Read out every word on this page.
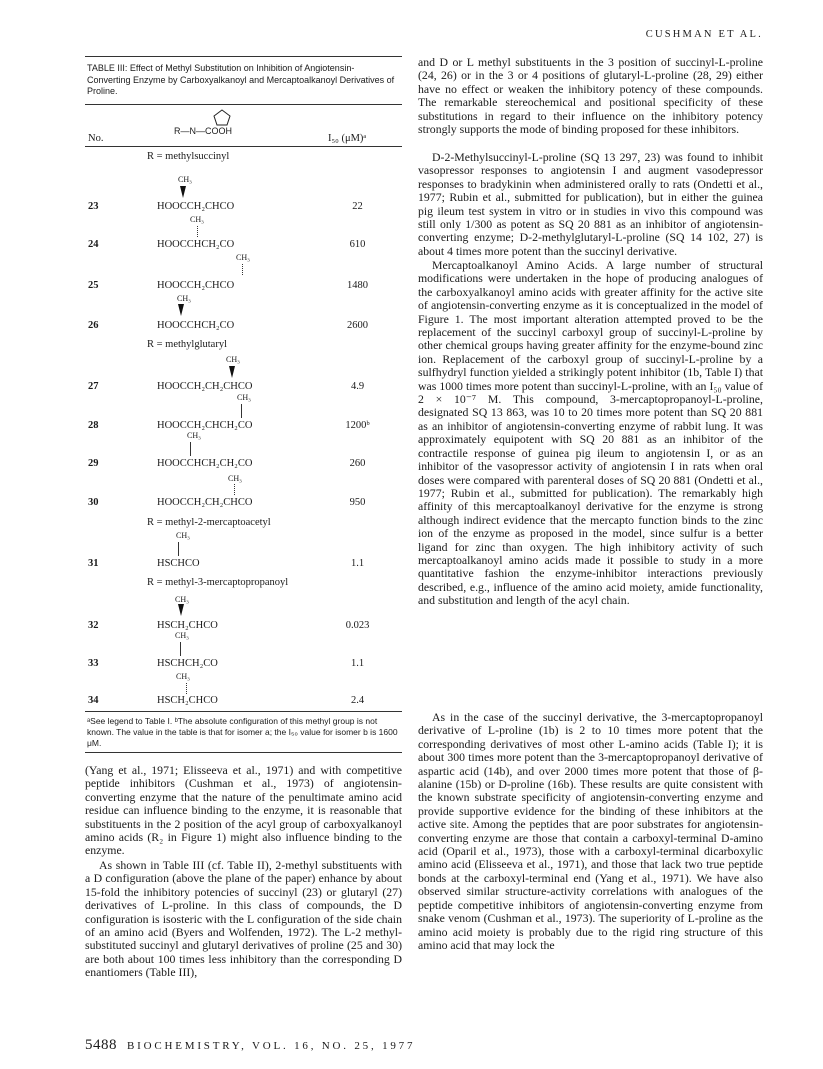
CUSHMAN ET AL.
TABLE III: Effect of Methyl Substitution on Inhibition of Angiotensin-Converting Enzyme by Carboxyalkanoyl and Mercaptoalkanoyl Derivatives of Proline.
No.
R—N—COOH
I₅₀ (μM)ᵃ
R = methylsuccinyl
CH₃
23	HOOCCH₂CHCO	22
CH₃
24	HOOCCHCH₂CO	610
CH₃
25	HOOCCH₂CHCO	1480
CH₃
26	HOOCCHCH₂CO	2600
R = methylglutaryl
CH₃
27	HOOCCH₂CH₂CHCO	4.9
CH₃
28	HOOCCH₂CHCH₂CO	1200ᵇ
CH₃
29	HOOCCHCH₂CH₂CO	260
CH₃
30	HOOCCH₂CH₂CHCO	950
R = methyl-2-mercaptoacetyl
CH₃
31	HSCHCO	1.1
R = methyl-3-mercaptopropanoyl
CH₃
32	HSCH₂CHCO	0.023
CH₃
33	HSCHCH₂CO	1.1
CH₃
34	HSCH₂CHCO	2.4
ᵃSee legend to Table I. ᵇThe absolute configuration of this methyl group is not known. The value in the table is that for isomer a; the I₅₀ value for isomer b is 1600 μM.

(Yang et al., 1971; Elisseeva et al., 1971) and with competitive peptide inhibitors (Cushman et al., 1973) of angiotensin-converting enzyme that the nature of the penultimate amino acid residue can influence binding to the enzyme, it is reasonable that substituents in the 2 position of the acyl group of carboxyalkanoyl amino acids (R₂ in Figure 1) might also influence binding to the enzyme.

As shown in Table III (cf. Table II), 2-methyl substituents with a D configuration (above the plane of the paper) enhance by about 15-fold the inhibitory potencies of succinyl (23) or glutaryl (27) derivatives of L-proline. In this class of compounds, the D configuration is isosteric with the L configuration of the side chain of an amino acid (Byers and Wolfenden, 1972). The L-2 methyl-substituted succinyl and glutaryl derivatives of proline (25 and 30) are both about 100 times less inhibitory than the corresponding D enantiomers (Table III),

and D or L methyl substituents in the 3 position of succinyl-L-proline (24, 26) or in the 3 or 4 positions of glutaryl-L-proline (28, 29) either have no effect or weaken the inhibitory potency of these compounds. The remarkable stereochemical and positional specificity of these substitutions in regard to their influence on the inhibitory potency strongly supports the mode of binding proposed for these inhibitors.

D-2-Methylsuccinyl-L-proline (SQ 13 297, 23) was found to inhibit vasopressor responses to angiotensin I and augment vasodepressor responses to bradykinin when administered orally to rats (Ondetti et al., 1977; Rubin et al., submitted for publication), but in either the guinea pig ileum test system in vitro or in studies in vivo this compound was still only 1/300 as potent as SQ 20 881 as an inhibitor of angiotensin-converting enzyme; D-2-methylglutaryl-L-proline (SQ 14 102, 27) is about 4 times more potent than the succinyl derivative.

Mercaptoalkanoyl Amino Acids. A large number of structural modifications were undertaken in the hope of producing analogues of the carboxyalkanoyl amino acids with greater affinity for the active site of angiotensin-converting enzyme as it is conceptualized in the model of Figure 1. The most important alteration attempted proved to be the replacement of the succinyl carboxyl group of succinyl-L-proline by other chemical groups having greater affinity for the enzyme-bound zinc ion. Replacement of the carboxyl group of succinyl-L-proline by a sulfhydryl function yielded a strikingly potent inhibitor (1b, Table I) that was 1000 times more potent than succinyl-L-proline, with an I₅₀ value of 2 × 10⁻⁷ M. This compound, 3-mercaptopropanoyl-L-proline, designated SQ 13 863, was 10 to 20 times more potent than SQ 20 881 as an inhibitor of angiotensin-converting enzyme of rabbit lung. It was approximately equipotent with SQ 20 881 as an inhibitor of the contractile response of guinea pig ileum to angiotensin I, or as an inhibitor of the vasopressor activity of angiotensin I in rats when oral doses were compared with parenteral doses of SQ 20 881 (Ondetti et al., 1977; Rubin et al., submitted for publication). The remarkably high affinity of this mercaptoalkanoyl derivative for the enzyme is strong although indirect evidence that the mercapto function binds to the zinc ion of the enzyme as proposed in the model, since sulfur is a better ligand for zinc than oxygen. The high inhibitory activity of such mercaptoalkanoyl amino acids made it possible to study in a more quantitative fashion the enzyme-inhibitor interactions previously described, e.g., influence of the amino acid moiety, amide functionality, and substitution and length of the acyl chain.

As in the case of the succinyl derivative, the 3-mercaptopropanoyl derivative of L-proline (1b) is 2 to 10 times more potent that the corresponding derivatives of most other L-amino acids (Table I); it is about 300 times more potent than the 3-mercaptopropanoyl derivative of aspartic acid (14b), and over 2000 times more potent that those of β-alanine (15b) or D-proline (16b). These results are quite consistent with the known substrate specificity of angiotensin-converting enzyme and provide supportive evidence for the binding of these inhibitors at the active site. Among the peptides that are poor substrates for angiotensin-converting enzyme are those that contain a carboxyl-terminal D-amino acid (Oparil et al., 1973), those with a carboxyl-terminal dicarboxylic amino acid (Elisseeva et al., 1971), and those that lack two true peptide bonds at the carboxyl-terminal end (Yang et al., 1971). We have also observed similar structure-activity correlations with analogues of the peptide competitive inhibitors of angiotensin-converting enzyme from snake venom (Cushman et al., 1973). The superiority of L-proline as the amino acid moiety is probably due to the rigid ring structure of this amino acid that may lock the

5488 BIOCHEMISTRY, VOL. 16, NO. 25, 1977
